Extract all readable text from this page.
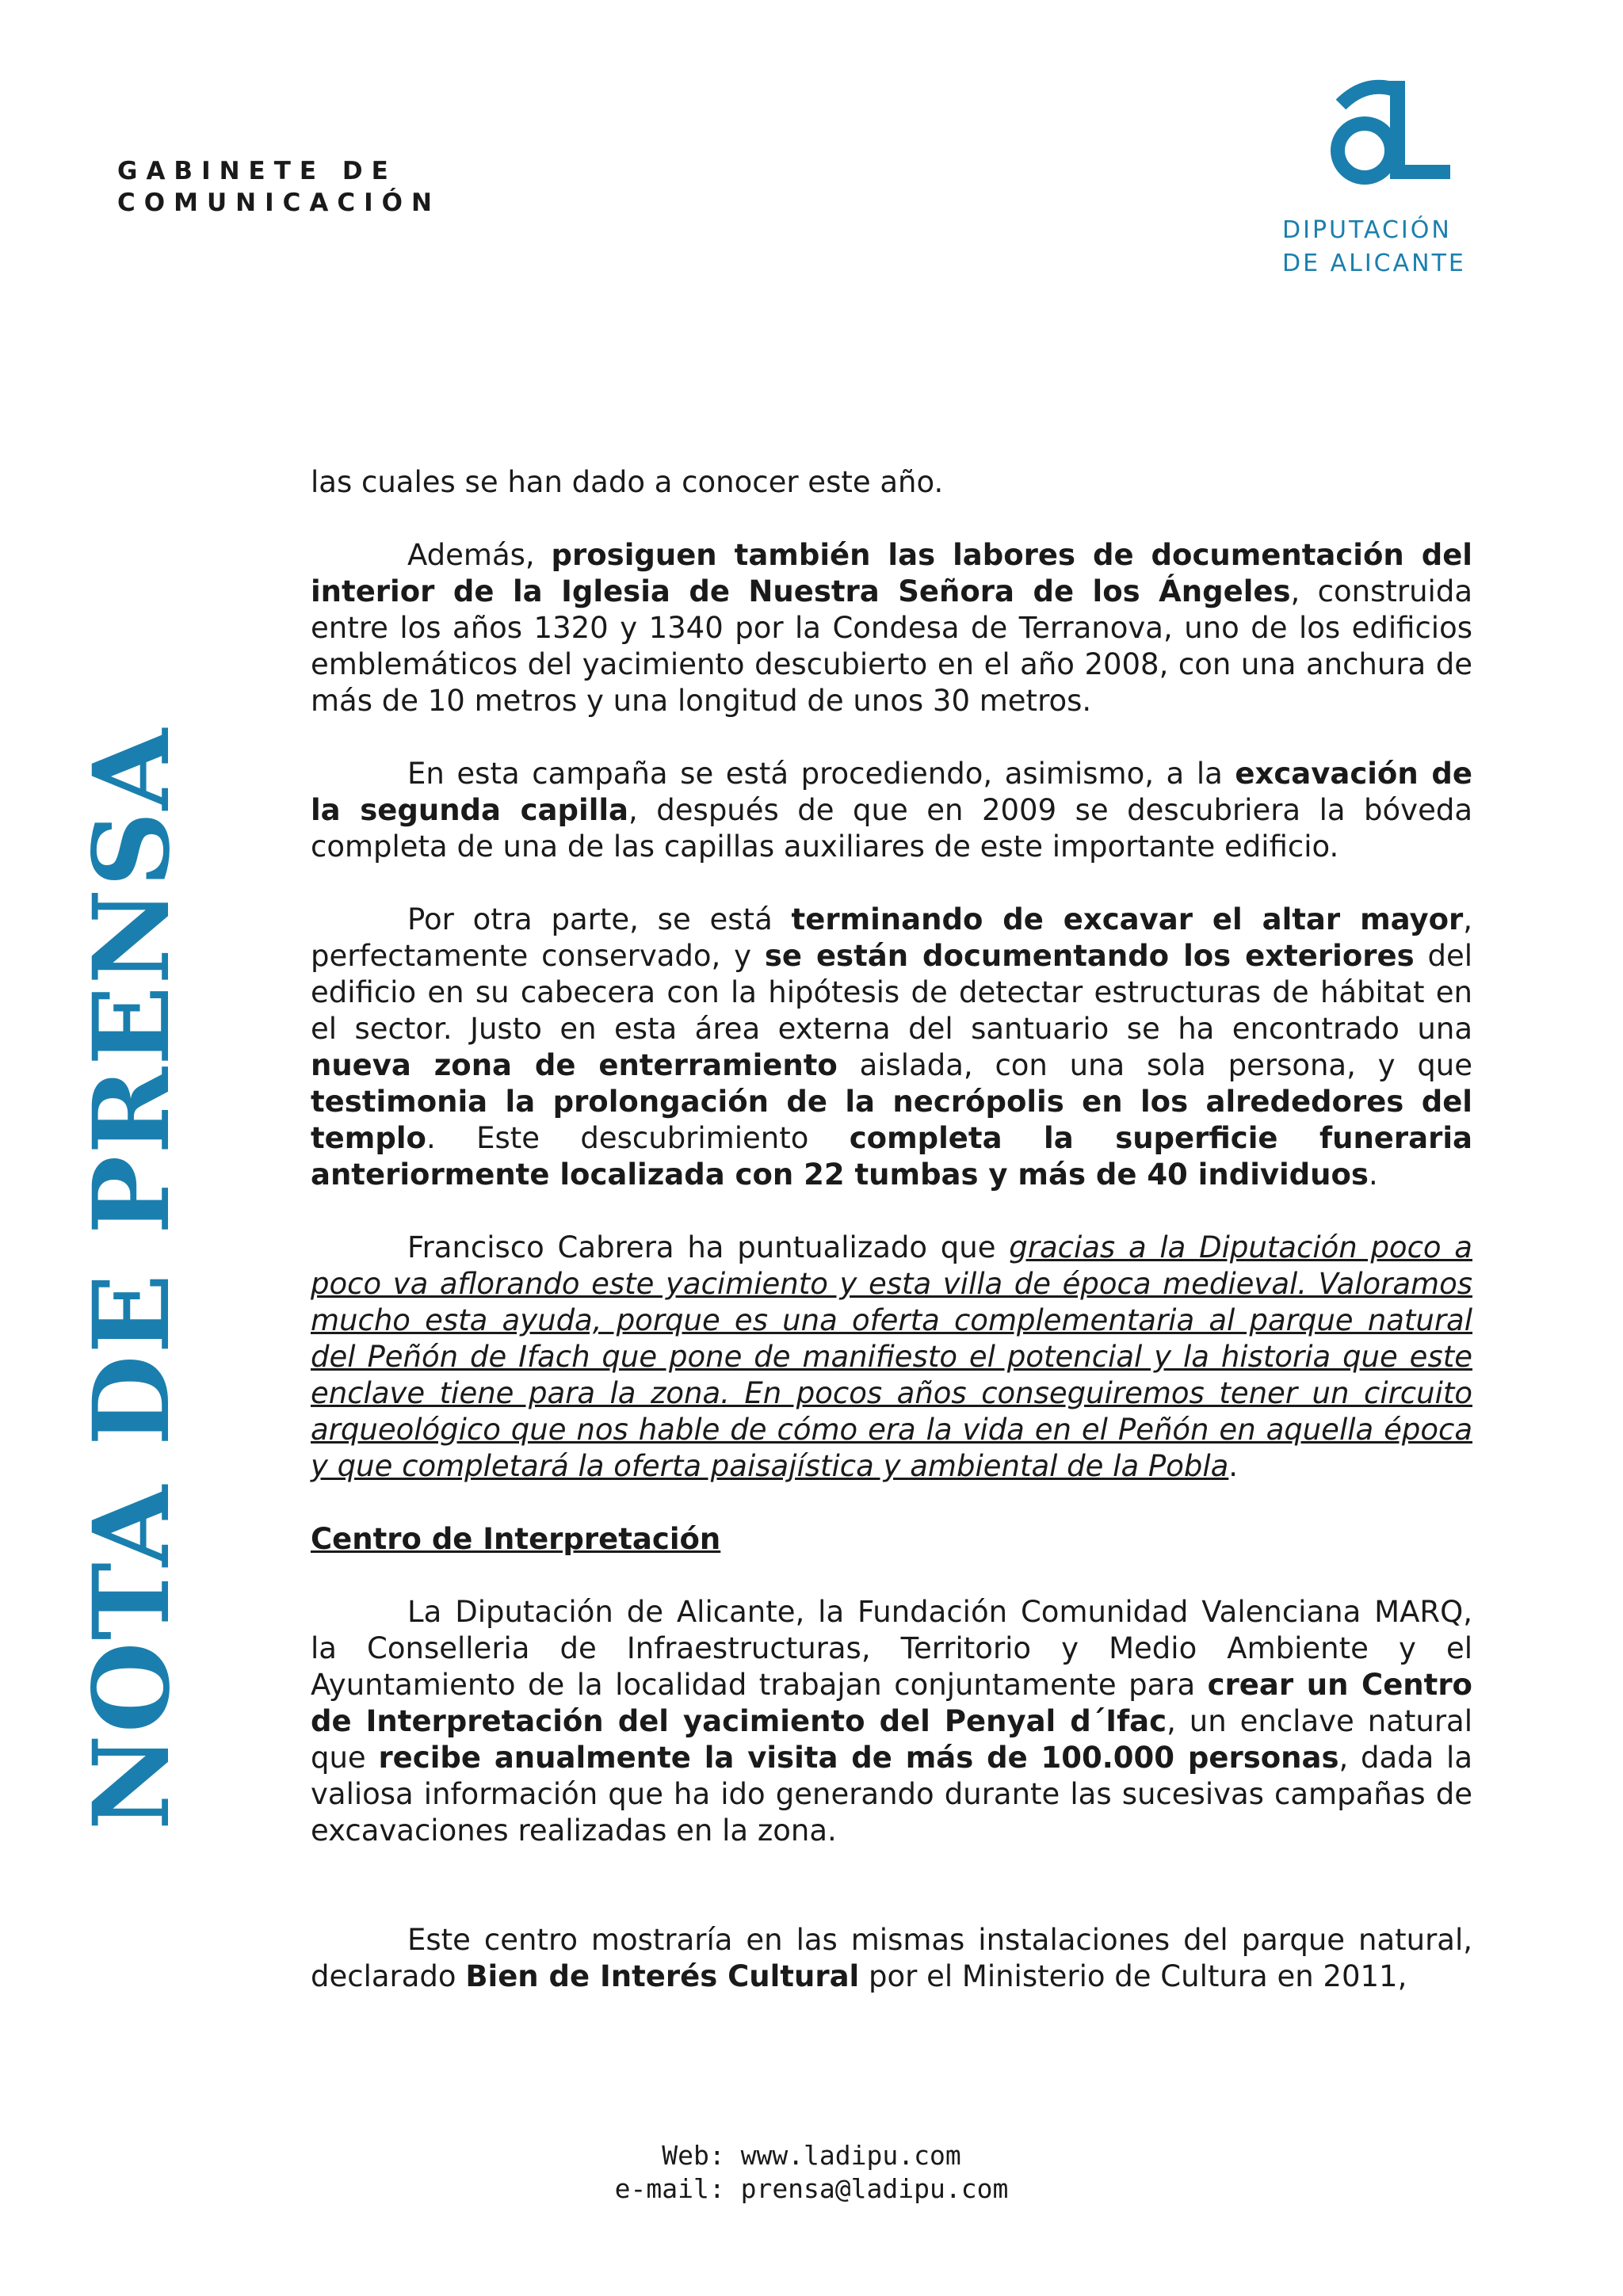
GABINETE DE
COMUNICACIÓN
DIPUTACIÓN
DE ALICANTE
NOTA DE PRENSA

las cuales se han dado a conocer este año.

Además, prosiguen también las labores de documentación del interior de la Iglesia de Nuestra Señora de los Ángeles, construida entre los años 1320 y 1340 por la Condesa de Terranova, uno de los edificios emblemáticos del yacimiento descubierto en el año 2008, con una anchura de más de 10 metros y una longitud de unos 30 metros.

En esta campaña se está procediendo, asimismo, a la excavación de la segunda capilla, después de que en 2009 se descubriera la bóveda completa de una de las capillas auxiliares de este importante edificio.

Por otra parte, se está terminando de excavar el altar mayor, perfectamente conservado, y se están documentando los exteriores del edificio en su cabecera con la hipótesis de detectar estructuras de hábitat en el sector. Justo en esta área externa del santuario se ha encontrado una nueva zona de enterramiento aislada, con una sola persona, y que testimonia la prolongación de la necrópolis en los alrededores del templo. Este descubrimiento completa la superficie funeraria anteriormente localizada con 22 tumbas y más de 40 individuos.

Francisco Cabrera ha puntualizado que gracias a la Diputación poco a poco va aflorando este yacimiento y esta villa de época medieval. Valoramos mucho esta ayuda, porque es una oferta complementaria al parque natural del Peñón de Ifach que pone de manifiesto el potencial y la historia que este enclave tiene para la zona. En pocos años conseguiremos tener un circuito arqueológico que nos hable de cómo era la vida en el Peñón en aquella época y que completará la oferta paisajística y ambiental de la Pobla.

Centro de Interpretación

La Diputación de Alicante, la Fundación Comunidad Valenciana MARQ, la Conselleria de Infraestructuras, Territorio y Medio Ambiente y el Ayuntamiento de la localidad trabajan conjuntamente para crear un Centro de Interpretación del yacimiento del Penyal d´Ifac, un enclave natural que recibe anualmente la visita de más de 100.000 personas, dada la valiosa información que ha ido generando durante las sucesivas campañas de excavaciones realizadas en la zona.

Este centro mostraría en las mismas instalaciones del parque natural, declarado Bien de Interés Cultural por el Ministerio de Cultura en 2011,

Web: www.ladipu.com
e-mail: prensa@ladipu.com
